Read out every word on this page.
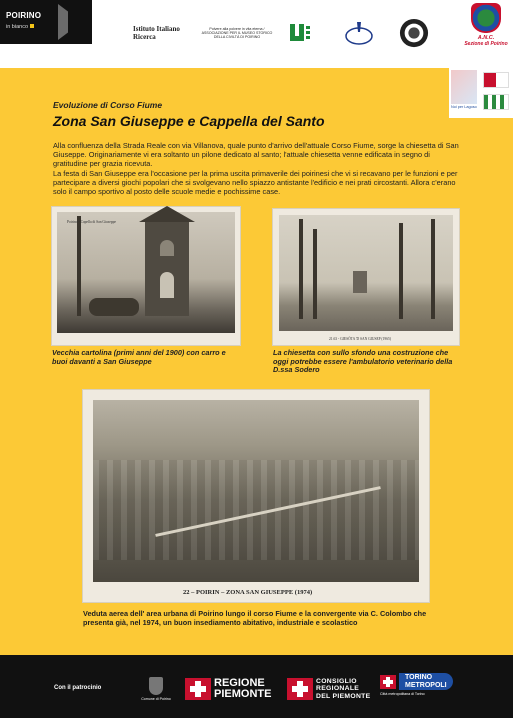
POIRINO
in bianco	Istituto Italiano Ricerca
Polvere alla polvere in vita eterna / ASSOCIAZIONE PER IL MUSEO STORICO DELLA CIVILTÀ DI POIRINO	A.N.C.
Sezione di Poirino
Noi per Lagoso
Evoluzione di Corso Fiume
Zona San Giuseppe e Cappella del Santo
Alla confluenza della Strada Reale con via Villanova, quale punto d'arrivo dell'attuale Corso Fiume, sorge la chiesetta di San Giuseppe. Originariamente vi era soltanto un pilone dedicato al santo; l'attuale chiesetta venne edificata in segno di gratitudine per grazia ricevuta.
La festa di San Giuseppe era l'occasione per la prima uscita primaverile dei poirinesi che vi si recavano per le funzioni e per partecipare a diversi giochi popolari che si svolgevano nello spiazzo antistante l'edificio e nei prati circostanti. Allora c'erano solo il campo sportivo al posto delle scuole medie e pochissime case.
Poirino - Capella di San Giuseppe
Vecchia cartolina (primi anni del 1900) con carro e buoi davanti a San Giuseppe
21.63 - GIESÕTA 'D SAN GIUSEP (1965)
La chiesetta con sullo sfondo una costruzione che oggi potrebbe essere l'ambulatorio veterinario della D.ssa Sodero
22 – POIRIN – ZONA SAN GIUSEPPE (1974)
Veduta aerea dell' area urbana di Poirino lungo il corso Fiume e la convergente via C. Colombo che presenta già, nel 1974, un buon insediamento abitativo, industriale e scolastico
Con il patrocinio
Comune di Poirino
REGIONE
PIEMONTE
CONSIGLIO
REGIONALE
DEL PIEMONTE
TORINO
METROPOLI
Città metropolitana di Torino
